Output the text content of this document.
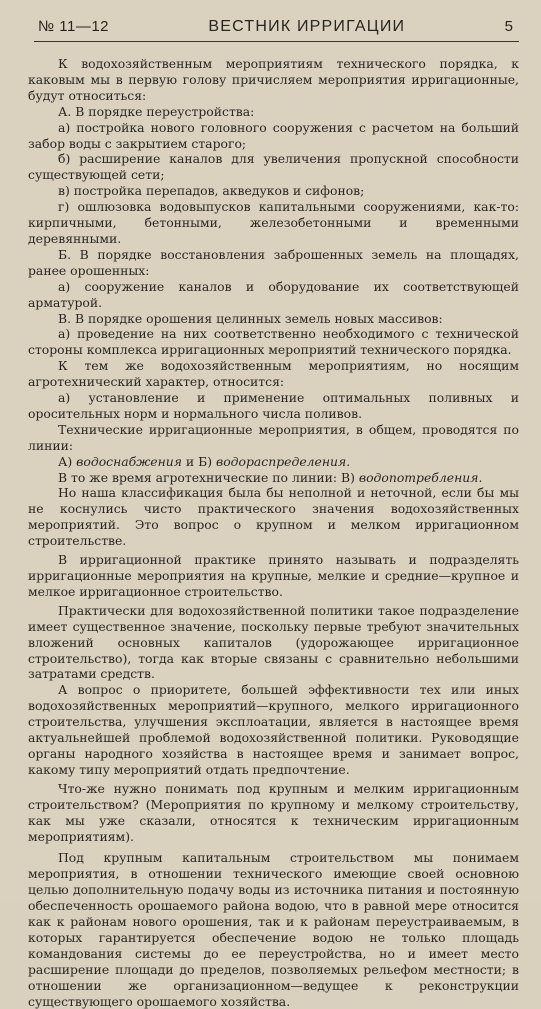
№ 11—12	ВЕСТНИК ИРРИГАЦИИ	5

К водохозяйственным мероприятиям технического порядка, к каковым мы в первую голову причисляем мероприятия ирригационные, будут относиться:

А. В порядке переустройства:

а) постройка нового головного сооружения с расчетом на больший забор воды с закрытием старого;

б) расширение каналов для увеличения пропускной способности существующей сети;

в) постройка перепадов, акведуков и сифонов;

г) ошлюзовка водовыпусков капитальными сооружениями, как-то: кирпичными, бетонными, железобетонными и временными деревянными.

Б. В порядке восстановления заброшенных земель на площадях, ранее орошенных:

а) сооружение каналов и оборудование их соответствующей арматурой.

В. В порядке орошения целинных земель новых массивов:

а) проведение на них соответственно необходимого с технической стороны комплекса ирригационных мероприятий технического порядка.

К тем же водохозяйственным мероприятиям, но носящим агротехнический характер, относится:

а) установление и применение оптимальных поливных и оросительных норм и нормального числа поливов.

Технические ирригационные мероприятия, в общем, проводятся по линии:

А) водоснабжения и Б) водораспределения.

В то же время агротехнические по линии: В) водопотребления.

Но наша классификация была бы неполной и неточной, если бы мы не коснулись чисто практического значения водохозяйственных мероприятий. Это вопрос о крупном и мелком ирригационном строительстве.

В ирригационной практике принято называть и подразделять ирригационные мероприятия на крупные, мелкие и средние—крупное и мелкое ирригационное строительство.

Практически для водохозяйственной политики такое подразделение имеет существенное значение, поскольку первые требуют значительных вложений основных капиталов (удорожающее ирригационное строительство), тогда как вторые связаны с сравнительно небольшими затратами средств.

А вопрос о приоритете, большей эффективности тех или иных водохозяйственных мероприятий—крупного, мелкого ирригационного строительства, улучшения эксплоатации, является в настоящее время актуальнейшей проблемой водохозяйственной политики. Руководящие органы народного хозяйства в настоящее время и занимает вопрос, какому типу мероприятий отдать предпочтение.

Что-же нужно понимать под крупным и мелким ирригационным строительством? (Мероприятия по крупному и мелкому строительству, как мы уже сказали, относятся к техническим ирригационным мероприятиям).

Под крупным капитальным строительством мы понимаем мероприятия, в отношении технического имеющие своей основною целью дополнительную подачу воды из источника питания и постоянную обеспеченность орошаемого района водою, что в равной мере относится как к районам нового орошения, так и к районам переустраиваемым, в которых гарантируется обеспечение водою не только площадь командования системы до ее переустройства, но и имеет место расширение площади до пределов, позволяемых рельефом местности; в отношении же организационном—ведущее к реконструкции существующего орошаемого хозяйства.
